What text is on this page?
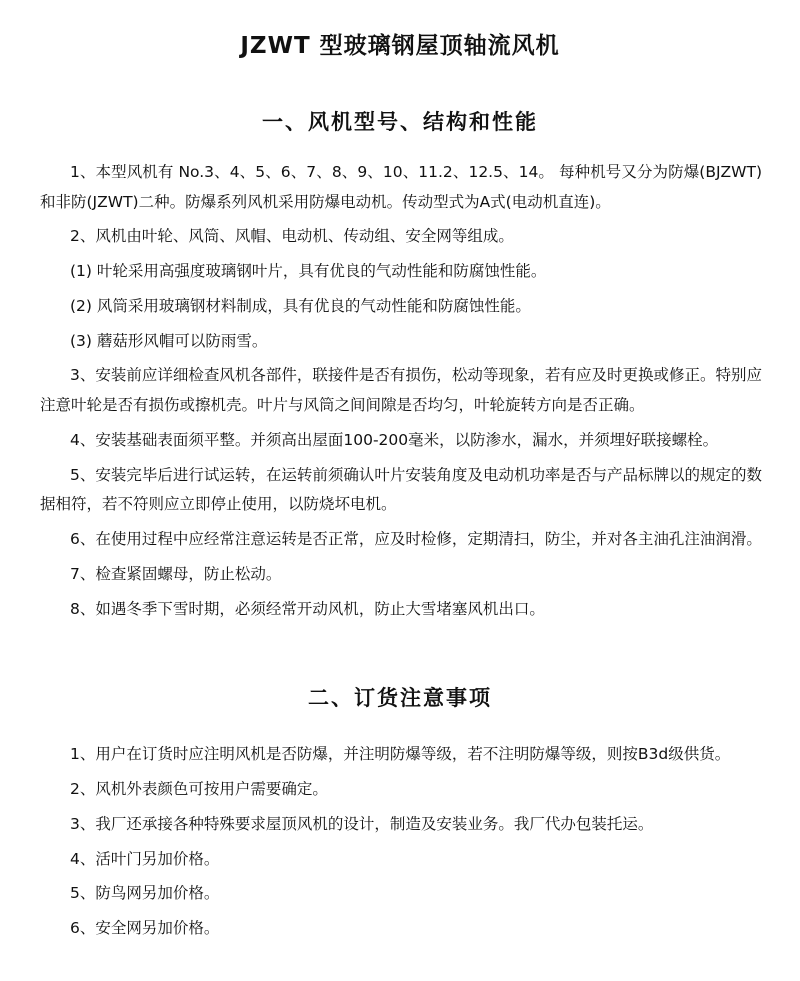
JZWT 型玻璃钢屋顶轴流风机
一、风机型号、结构和性能

1、本型风机有 No.3、4、5、6、7、8、9、10、11.2、12.5、14。 每种机号又分为防爆(BJZWT)和非防(JZWT)二种。防爆系列风机采用防爆电动机。传动型式为A式(电动机直连)。

2、风机由叶轮、风筒、风帽、电动机、传动组、安全网等组成。

(1) 叶轮采用高强度玻璃钢叶片，具有优良的气动性能和防腐蚀性能。

(2) 风筒采用玻璃钢材料制成，具有优良的气动性能和防腐蚀性能。

(3) 蘑菇形风帽可以防雨雪。

3、安装前应详细检查风机各部件，联接件是否有损伤，松动等现象，若有应及时更换或修正。特别应注意叶轮是否有损伤或擦机壳。叶片与风筒之间间隙是否均匀，叶轮旋转方向是否正确。

4、安装基础表面须平整。并须高出屋面100-200毫米，以防渗水，漏水，并须埋好联接螺栓。

5、安装完毕后进行试运转，在运转前须确认叶片安装角度及电动机功率是否与产品标牌以的规定的数据相符，若不符则应立即停止使用，以防烧坏电机。

6、在使用过程中应经常注意运转是否正常，应及时检修，定期清扫，防尘，并对各主油孔注油润滑。

7、检查紧固螺母，防止松动。

8、如遇冬季下雪时期，必须经常开动风机，防止大雪堵塞风机出口。

二、订货注意事项

1、用户在订货时应注明风机是否防爆，并注明防爆等级，若不注明防爆等级，则按B3d级供货。

2、风机外表颜色可按用户需要确定。

3、我厂还承接各种特殊要求屋顶风机的设计，制造及安装业务。我厂代办包装托运。

4、活叶门另加价格。

5、防鸟网另加价格。

6、安全网另加价格。
